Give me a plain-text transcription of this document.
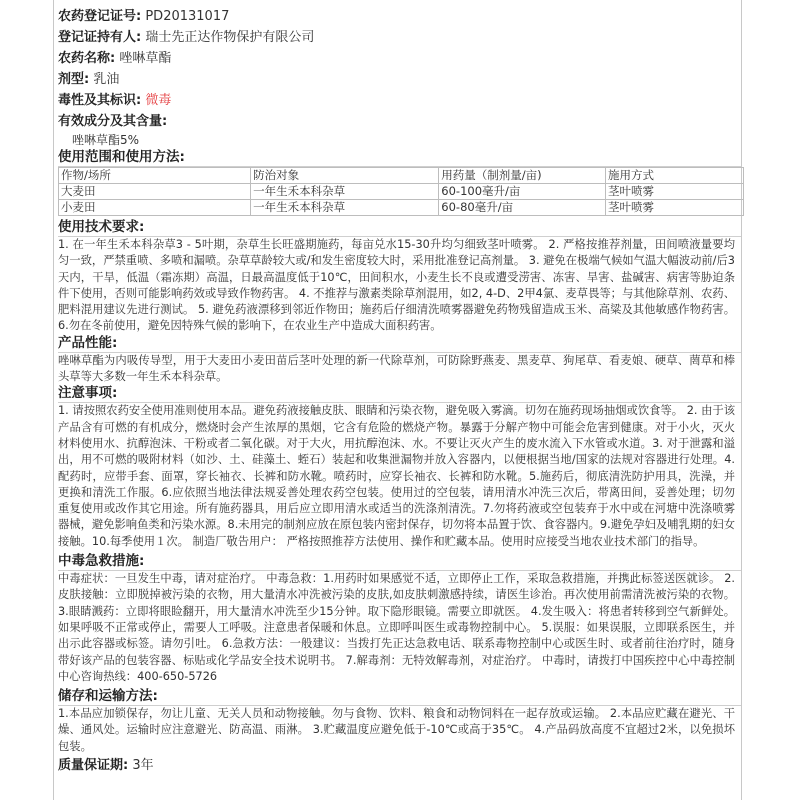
农药登记证号: PD20131017
登记证持有人: 瑞士先正达作物保护有限公司
农药名称: 唑啉草酯
剂型: 乳油
毒性及其标识: 微毒
有效成分及其含量:
唑啉草酯5%
使用范围和使用方法:
作物/场所	防治对象	用药量（制剂量/亩)	施用方式
大麦田	一年生禾本科杂草	60-100毫升/亩	茎叶喷雾
小麦田	一年生禾本科杂草	60-80毫升/亩	茎叶喷雾
使用技术要求:
1. 在一年生禾本科杂草3 - 5叶期，杂草生长旺盛期施药，每亩兑水15-30升均匀细致茎叶喷雾。 2. 严格按推荐剂量，田间喷液量要均匀一致，严禁重喷、多喷和漏喷。杂草草龄较大或/和发生密度较大时，采用批准登记高剂量。 3. 避免在极端气候如气温大幅波动前/后3天内，干旱，低温（霜冻期）高温，日最高温度低于10℃，田间积水，小麦生长不良或遭受涝害、冻害、旱害、盐碱害、病害等胁迫条件下使用，否则可能影响药效或导致作物药害。 4. 不推荐与激素类除草剂混用，如2, 4-D、2甲4氯、麦草畏等；与其他除草剂、农药、肥料混用建议先进行测试。 5. 避免药液漂移到邻近作物田；施药后仔细清洗喷雾器避免药物残留造成玉米、高粱及其他敏感作物药害。 6.勿在冬前使用，避免因特殊气候的影响下，在农业生产中造成大面积药害。
产品性能:
唑啉草酯为内吸传导型，用于大麦田小麦田苗后茎叶处理的新一代除草剂，可防除野燕麦、黑麦草、狗尾草、看麦娘、硬草、菵草和棒头草等大多数一年生禾本科杂草。
注意事项:
1. 请按照农药安全使用准则使用本品。避免药液接触皮肤、眼睛和污染衣物，避免吸入雾滴。切勿在施药现场抽烟或饮食等。 2. 由于该产品含有可燃的有机成分，燃烧时会产生浓厚的黑烟，它含有危险的燃烧产物。暴露于分解产物中可能会危害到健康。对于小火，灭火材料使用水、抗醇泡沫、干粉或者二氧化碳。对于大火，用抗醇泡沫、水。不要让灭火产生的废水流入下水管或水道。3. 对于泄露和溢出，用不可燃的吸附材料（如沙、土、硅藻土、蛭石）装起和收集泄漏物并放入容器内，以便根据当地/国家的法规对容器进行处理。4.配药时，应带手套、面罩，穿长袖衣、长裤和防水靴。喷药时，应穿长袖衣、长裤和防水靴。5.施药后，彻底清洗防护用具，洗澡，并更换和清洗工作服。6.应依照当地法律法规妥善处理农药空包装。使用过的空包装，请用清水冲洗三次后，带离田间，妥善处理；切勿重复使用或改作其它用途。所有施药器具，用后应立即用清水或适当的洗涤剂清洗。7.勿将药液或空包装弃于水中或在河塘中洗涤喷雾器械，避免影响鱼类和污染水源。8.未用完的制剂应放在原包装内密封保存，切勿将本品置于饮、食容器内。9.避免孕妇及哺乳期的妇女接触。10.每季使用１次。 制造厂敬告用户： 严格按照推荐方法使用、操作和贮藏本品。使用时应接受当地农业技术部门的指导。
中毒急救措施:
中毒症状：一旦发生中毒，请对症治疗。 中毒急救：1.用药时如果感觉不适，立即停止工作，采取急救措施，并携此标签送医就诊。 2.皮肤接触：立即脱掉被污染的衣物，用大量清水冲洗被污染的皮肤,如皮肤刺激感持续，请医生诊治。再次使用前需清洗被污染的衣物。 3.眼睛溅药：立即将眼睑翻开，用大量清水冲洗至少15分钟。取下隐形眼镜。需要立即就医。 4.发生吸入：将患者转移到空气新鲜处。如果呼吸不正常或停止，需要人工呼吸。注意患者保暖和休息。立即呼叫医生或毒物控制中心。 5.误服：如果误服，立即联系医生，并出示此容器或标签。请勿引吐。 6.急救方法：一般建议：当拨打先正达急救电话、联系毒物控制中心或医生时、或者前往治疗时，随身带好该产品的包装容器、标贴或化学品安全技术说明书。 7.解毒剂：无特效解毒剂，对症治疗。 中毒时，请拨打中国疾控中心中毒控制中心咨询热线：400-650-5726
储存和运输方法:
1.本品应加锁保存，勿让儿童、无关人员和动物接触。勿与食物、饮料、粮食和动物饲料在一起存放或运输。 2.本品应贮藏在避光、干燥、通风处。运输时应注意避光、防高温、雨淋。 3.贮藏温度应避免低于-10℃或高于35℃。 4.产品码放高度不宜超过2米，以免损坏包装。
质量保证期: 3年
